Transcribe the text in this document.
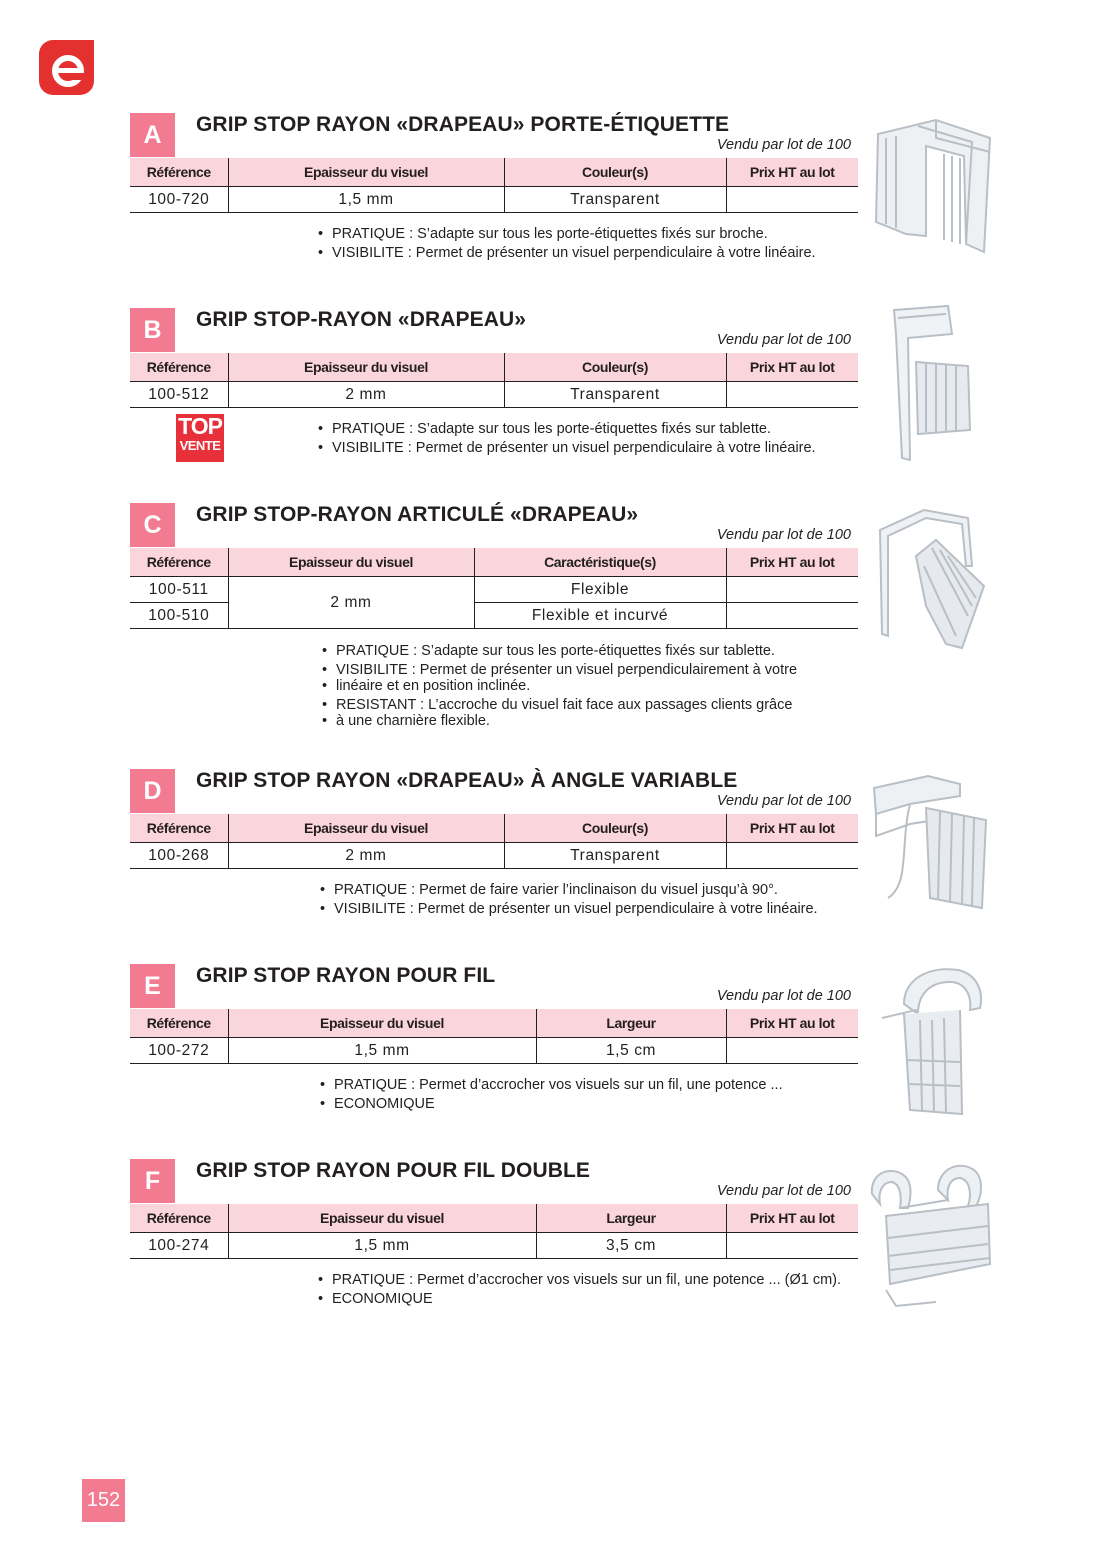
A	GRIP STOP RAYON «DRAPEAU» PORTE-ÉTIQUETTE
Vendu par lot de 100
Référence	Epaisseur du visuel	Couleur(s)	Prix HT au lot
100-720	1,5 mm	Transparent	
• PRATIQUE : S’adapte sur tous les porte-étiquettes fixés sur broche.
• VISIBILITE : Permet de présenter un visuel perpendiculaire à votre linéaire.
B	GRIP STOP-RAYON «DRAPEAU»
Vendu par lot de 100
Référence	Epaisseur du visuel	Couleur(s)	Prix HT au lot
100-512	2 mm	Transparent	
TOP
VENTE
• PRATIQUE : S’adapte sur tous les porte-étiquettes fixés sur tablette.
• VISIBILITE : Permet de présenter un visuel perpendiculaire à votre linéaire.
C	GRIP STOP-RAYON ARTICULÉ «DRAPEAU»
Vendu par lot de 100
Référence	Epaisseur du visuel	Caractéristique(s)	Prix HT au lot
100-511	2 mm	Flexible	
100-510		Flexible et incurvé	
• PRATIQUE : S’adapte sur tous les porte-étiquettes fixés sur tablette.
• VISIBILITE : Permet de présenter un visuel perpendiculairement à votre
• linéaire et en position inclinée.
• RESISTANT : L’accroche du visuel fait face aux passages clients grâce
• à une charnière flexible.
D	GRIP STOP RAYON «DRAPEAU» À ANGLE VARIABLE
Vendu par lot de 100
Référence	Epaisseur du visuel	Couleur(s)	Prix HT au lot
100-268	2 mm	Transparent	
• PRATIQUE : Permet de faire varier l’inclinaison du visuel jusqu’à 90°.
• VISIBILITE : Permet de présenter un visuel perpendiculaire à votre linéaire.
E	GRIP STOP RAYON POUR FIL
Vendu par lot de 100
Référence	Epaisseur du visuel	Largeur	Prix HT au lot
100-272	1,5 mm	1,5 cm	
• PRATIQUE : Permet d’accrocher vos visuels sur un fil, une potence ...
• ECONOMIQUE
F	GRIP STOP RAYON POUR FIL DOUBLE
Vendu par lot de 100
Référence	Epaisseur du visuel	Largeur	Prix HT au lot
100-274	1,5 mm	3,5 cm	
• PRATIQUE : Permet d’accrocher vos visuels sur un fil, une potence ... (Ø1 cm).
• ECONOMIQUE
152
